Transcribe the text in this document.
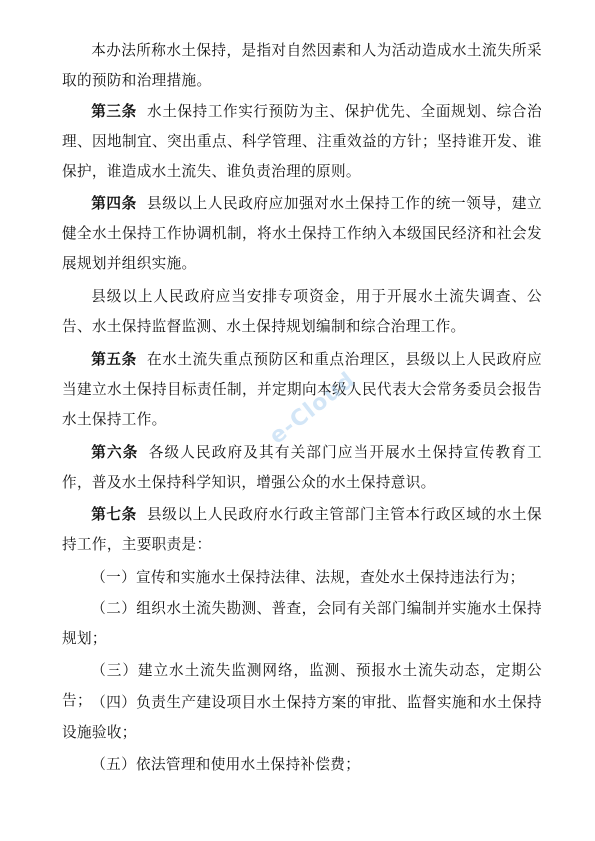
本办法所称水土保持，是指对自然因素和人为活动造成水土流失所采取的预防和治理措施。

第三条 水土保持工作实行预防为主、保护优先、全面规划、综合治理、因地制宜、突出重点、科学管理、注重效益的方针；坚持谁开发、谁保护，谁造成水土流失、谁负责治理的原则。

第四条 县级以上人民政府应加强对水土保持工作的统一领导，建立健全水土保持工作协调机制，将水土保持工作纳入本级国民经济和社会发展规划并组织实施。

县级以上人民政府应当安排专项资金，用于开展水土流失调查、公告、水土保持监督监测、水土保持规划编制和综合治理工作。

第五条 在水土流失重点预防区和重点治理区，县级以上人民政府应当建立水土保持目标责任制，并定期向本级人民代表大会常务委员会报告水土保持工作。

第六条 各级人民政府及其有关部门应当开展水土保持宣传教育工作，普及水土保持科学知识，增强公众的水土保持意识。

第七条 县级以上人民政府水行政主管部门主管本行政区域的水土保持工作，主要职责是：

（一）宣传和实施水土保持法律、法规，查处水土保持违法行为；

（二）组织水土流失勘测、普查，会同有关部门编制并实施水土保持规划；

（三）建立水土流失监测网络，监测、预报水土流失动态，定期公告； （四）负责生产建设项目水土保持方案的审批、监督实施和水土保持设施验收；

（五）依法管理和使用水土保持补偿费；

e-Cloud
